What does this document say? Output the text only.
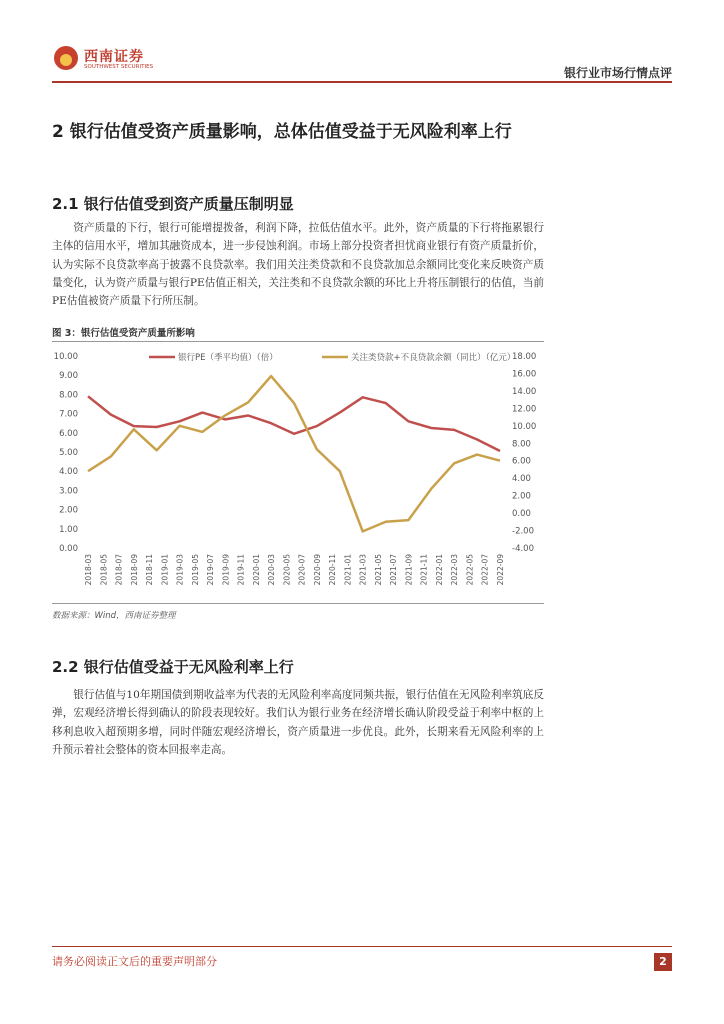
西南证券
SOUTHWEST SECURITIES	银行业市场行情点评
2 银行估值受资产质量影响，总体估值受益于无风险利率上行
2.1 银行估值受到资产质量压制明显
资产质量的下行，银行可能增提拨备，利润下降，拉低估值水平。此外，资产质量的下行将拖累银行主体的信用水平，增加其融资成本，进一步侵蚀利润。市场上部分投资者担忧商业银行有资产质量折价，认为实际不良贷款率高于披露不良贷款率。我们用关注类贷款和不良贷款加总余额同比变化来反映资产质量变化，认为资产质量与银行PE估值正相关，关注类和不良贷款余额的环比上升将压制银行的估值，当前PE估值被资产质量下行所压制。
图 3：银行估值受资产质量所影响
0.00
1.00
2.00
3.00
4.00
5.00
6.00
7.00
8.00
9.00
10.00
-4.00
-2.00
0.00
2.00
4.00
6.00
8.00
10.00
12.00
14.00
16.00
18.00
2018-03 2018-05 2018-07 2018-09 2018-11 2019-01 2019-03 2019-05 2019-07 2019-09 2019-11 2020-01 2020-03 2020-05 2020-07 2020-09 2020-11 2021-01 2021-03 2021-05 2021-07 2021-09 2021-11 2022-01 2022-03 2022-05 2022-07 2022-09
银行PE（季平均值）（倍）	关注类贷款+不良贷款余额（同比）（亿元）
数据来源：Wind，西南证券整理
2.2 银行估值受益于无风险利率上行
银行估值与10年期国债到期收益率为代表的无风险利率高度同频共振，银行估值在无风险利率筑底反弹，宏观经济增长得到确认的阶段表现较好。我们认为银行业务在经济增长确认阶段受益于利率中枢的上移利息收入超预期多增，同时伴随宏观经济增长，资产质量进一步优良。此外，长期来看无风险利率的上升预示着社会整体的资本回报率走高。
请务必阅读正文后的重要声明部分	2
